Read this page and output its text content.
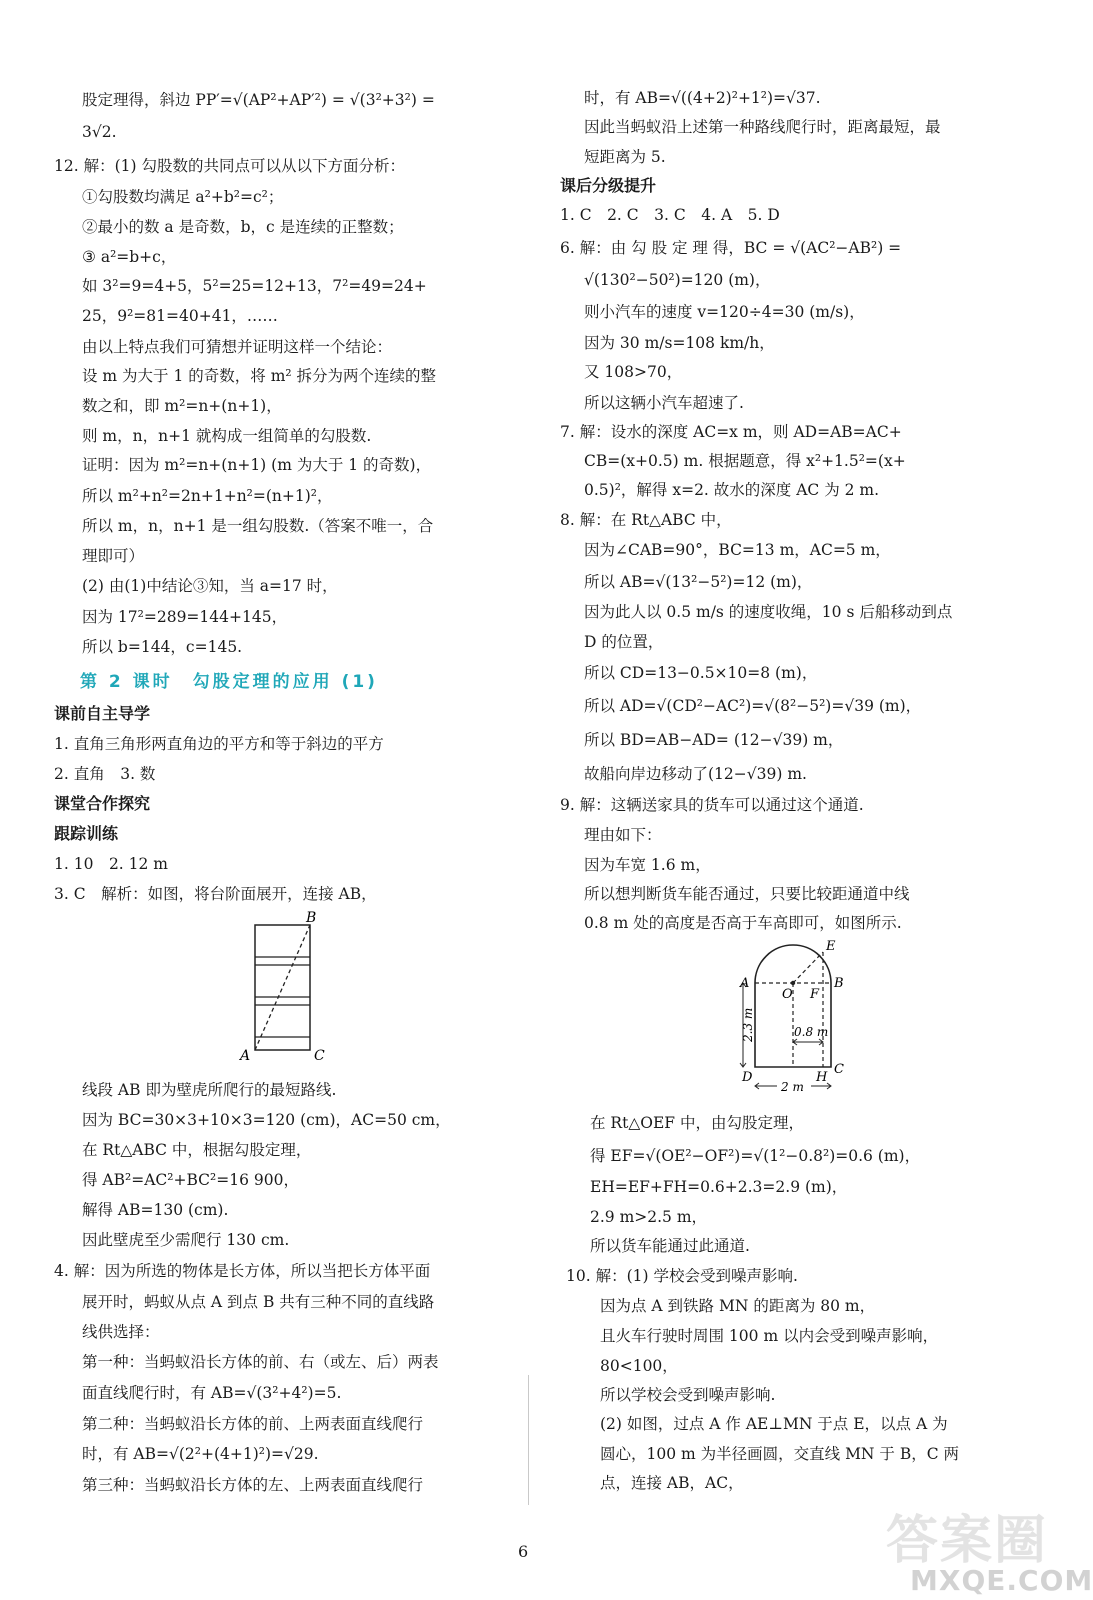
股定理得，斜边 PP′=√(AP²+AP′²) = √(3²+3²) =
3√2.
12. 解：(1) 勾股数的共同点可以从以下方面分析：
①勾股数均满足 a²+b²=c²；
②最小的数 a 是奇数，b，c 是连续的正整数；
③ a²=b+c，
如 3²=9=4+5，5²=25=12+13，7²=49=24+
25，9²=81=40+41，……
由以上特点我们可猜想并证明这样一个结论：
设 m 为大于 1 的奇数，将 m² 拆分为两个连续的整
数之和，即 m²=n+(n+1)，
则 m，n，n+1 就构成一组简单的勾股数.
证明：因为 m²=n+(n+1) (m 为大于 1 的奇数)，
所以 m²+n²=2n+1+n²=(n+1)²，
所以 m，n，n+1 是一组勾股数.（答案不唯一，合
理即可）
(2) 由(1)中结论③知，当 a=17 时，
因为 17²=289=144+145，
所以 b=144，c=145.
第 2 课时　勾股定理的应用 (1)
课前自主导学
1. 直角三角形两直角边的平方和等于斜边的平方
2. 直角　3. 数
课堂合作探究
跟踪训练
1. 10　2. 12 m
3. C　解析：如图，将台阶面展开，连接 AB，
B
A	C
线段 AB 即为壁虎所爬行的最短路线.
因为 BC=30×3+10×3=120 (cm)，AC=50 cm，
在 Rt△ABC 中，根据勾股定理，
得 AB²=AC²+BC²=16 900，
解得 AB=130 (cm).
因此壁虎至少需爬行 130 cm.
4. 解：因为所选的物体是长方体，所以当把长方体平面
展开时，蚂蚁从点 A 到点 B 共有三种不同的直线路
线供选择：
第一种：当蚂蚁沿长方体的前、右（或左、后）两表
面直线爬行时，有 AB=√(3²+4²)=5.
第二种：当蚂蚁沿长方体的前、上两表面直线爬行
时，有 AB=√(2²+(4+1)²)=√29.
第三种：当蚂蚁沿长方体的左、上两表面直线爬行
时，有 AB=√((4+2)²+1²)=√37.
因此当蚂蚁沿上述第一种路线爬行时，距离最短，最
短距离为 5.
课后分级提升
1. C　2. C　3. C　4. A　5. D
6. 解：由 勾 股 定 理 得，BC = √(AC²−AB²) =
√(130²−50²)=120 (m)，
则小汽车的速度 v=120÷4=30 (m/s)，
因为 30 m/s=108 km/h，
又 108>70，
所以这辆小汽车超速了.
7. 解：设水的深度 AC=x m，则 AD=AB=AC+
CB=(x+0.5) m. 根据题意，得 x²+1.5²=(x+
0.5)²，解得 x=2. 故水的深度 AC 为 2 m.
8. 解：在 Rt△ABC 中，
因为∠CAB=90°，BC=13 m，AC=5 m，
所以 AB=√(13²−5²)=12 (m)，
因为此人以 0.5 m/s 的速度收绳，10 s 后船移动到点
D 的位置，
所以 CD=13−0.5×10=8 (m)，
所以 AD=√(CD²−AC²)=√(8²−5²)=√39 (m)，
所以 BD=AB−AD= (12−√39) m，
故船向岸边移动了(12−√39) m.
9. 解：这辆送家具的货车可以通过这个通道.
理由如下：
因为车宽 1.6 m，
所以想判断货车能否通过，只要比较距通道中线
0.8 m 处的高度是否高于车高即可，如图所示.
E
A	B
O F
0.8 m
2.3 m
D	H
C
2 m
在 Rt△OEF 中，由勾股定理，
得 EF=√(OE²−OF²)=√(1²−0.8²)=0.6 (m)，
EH=EF+FH=0.6+2.3=2.9 (m)，
2.9 m>2.5 m，
所以货车能通过此通道.
10. 解：(1) 学校会受到噪声影响.
因为点 A 到铁路 MN 的距离为 80 m，
且火车行驶时周围 100 m 以内会受到噪声影响，
80<100，
所以学校会受到噪声影响.
(2) 如图，过点 A 作 AE⊥MN 于点 E，以点 A 为
圆心，100 m 为半径画圆，交直线 MN 于 B，C 两
点，连接 AB，AC，
6	答案圈
MXQE.COM
